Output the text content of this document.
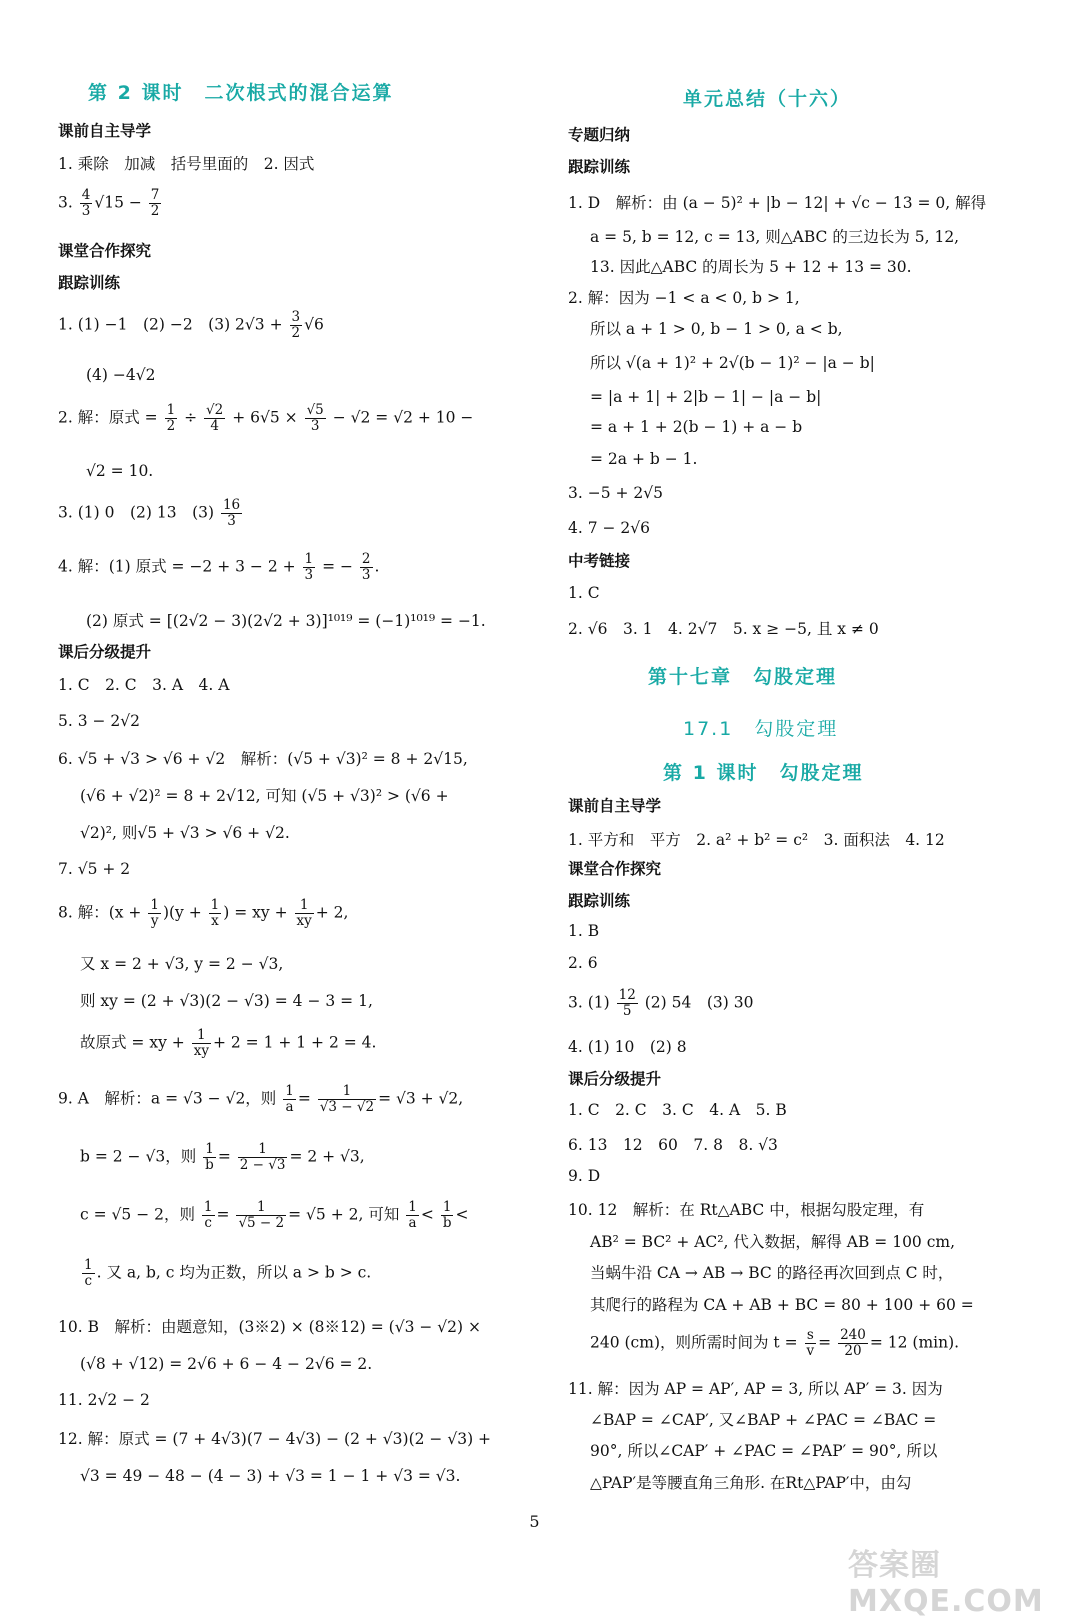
第 2 课时　二次根式的混合运算
课前自主导学
1. 乘除　加减　括号里面的　2. 因式
3. $\frac{4}{3} √15 - \frac{7}{2}$
课堂合作探究
跟踪训练
1. (1) −1　(2) −2　(3) $2√3 + \frac{3}{2} √6$
(4) −4√2
2. 解：原式 = $\frac{1}{2} \div \frac{√2}{4} + 6√5 \times \frac{√5}{3} - √2 = √2 + 10$ −
√2 = 10.
3. (1) 0　(2) 13　$(3) \frac{16}{3}$
4. 解：(1) 原式 = $-2 + 3 - 2 + \frac{1}{3}$ = − $\frac{2}{3}$ .
(2) 原式 = [(2√2 − 3)(2√2 + 3)]¹⁰¹⁹ = (−1)¹⁰¹⁹ = −1.
课后分级提升
1. C　2. C　3. A　4. A
5. 3 − 2√2
6. √5 + √3 > √6 + √2　解析：(√5 + √3)² = 8 + 2√15,
(√6 + √2)² = 8 + 2√12, 可知 (√5 + √3)² > (√6 +
√2)², 则√5 + √3 > √6 + √2.
7. √5 + 2
8. 解：$(x + \frac{1}{y} )(y + \frac{1}{x}$ ) = xy + $\frac{1}{xy} + 2$,
又 x = 2 + √3, y = 2 − √3,
则 xy = (2 + √3)(2 − √3) = 4 − 3 = 1,
故原式 = xy + $\frac{1}{xy} + 2 = 1 + 1 + 2 = 4$.
9. A　解析：a = √3 − √2，则 $\frac{1}{a} = \frac{1}{√3 - √2} = √3 + √2$,
b = 2 − √3，则 $\frac{1}{b} = \frac{1}{2 - √3} = 2 + √3$,
c = √5 − 2，则 $\frac{1}{c} = \frac{1}{√5 - 2} = √5 + 2$, 可知 $\frac{1}{a} < \frac{1}{b}$ <
$\frac{1}{c}$ . 又 a, b, c 均为正数，所以 a > b > c.
10. B　解析：由题意知，(3※2) × (8※12) = (√3 − √2) ×
(√8 + √12) = 2√6 + 6 − 4 − 2√6 = 2.
11. 2√2 − 2
12. 解：原式 = (7 + 4√3)(7 − 4√3) − (2 + √3)(2 − √3) +
√3 = 49 − 48 − (4 − 3) + √3 = 1 − 1 + √3 = √3.
单元总结（十六）
专题归纳
跟踪训练
1. D　解析：由 (a − 5)² + |b − 12| + √c − 13 = 0, 解得
a = 5, b = 12, c = 13, 则△ABC 的三边长为 5, 12,
13. 因此△ABC 的周长为 5 + 12 + 13 = 30.
2. 解：因为 −1 < a < 0, b > 1,
所以 a + 1 > 0, b − 1 > 0, a < b,
所以 √(a + 1)² + 2√(b − 1)² − |a − b|
= |a + 1| + 2|b − 1| − |a − b|
= a + 1 + 2(b − 1) + a − b
= 2a + b − 1.
3. −5 + 2√5
4. 7 − 2√6
中考链接
1. C
2. √6　3. 1　4. 2√7　5. x ≥ −5, 且 x ≠ 0
第十七章　勾股定理
17.1　勾股定理
第 1 课时　勾股定理
课前自主导学
1. 平方和　平方　2. a² + b² = c²　3. 面积法　4. 12
课堂合作探究
跟踪训练
1. B
2. 6
3. $(1) \frac{12}{5} (2)$ 54　(3) 30
4. (1) 10　(2) 8
课后分级提升
1. C　2. C　3. C　4. A　5. B
6. 13　12　60　7. 8　8. √3
9. D
10. 12　解析：在 Rt△ABC 中，根据勾股定理，有
AB² = BC² + AC², 代入数据，解得 AB = 100 cm,
当蜗牛沿 CA → AB → BC 的路径再次回到点 C 时，
其爬行的路程为 CA + AB + BC = 80 + 100 + 60 =
240 (cm)，则所需时间为 $t = \frac{s}{v} = \frac{240}{20} = 12$ (min).
11. 解：因为 AP = AP′, AP = 3, 所以 AP′ = 3. 因为
∠BAP = ∠CAP′, 又∠BAP + ∠PAC = ∠BAC =
90°, 所以∠CAP′ + ∠PAC = ∠PAP′ = 90°, 所以
△PAP′是等腰直角三角形. 在Rt△PAP′中，由勾
5
答案圈 MXQE.COM
